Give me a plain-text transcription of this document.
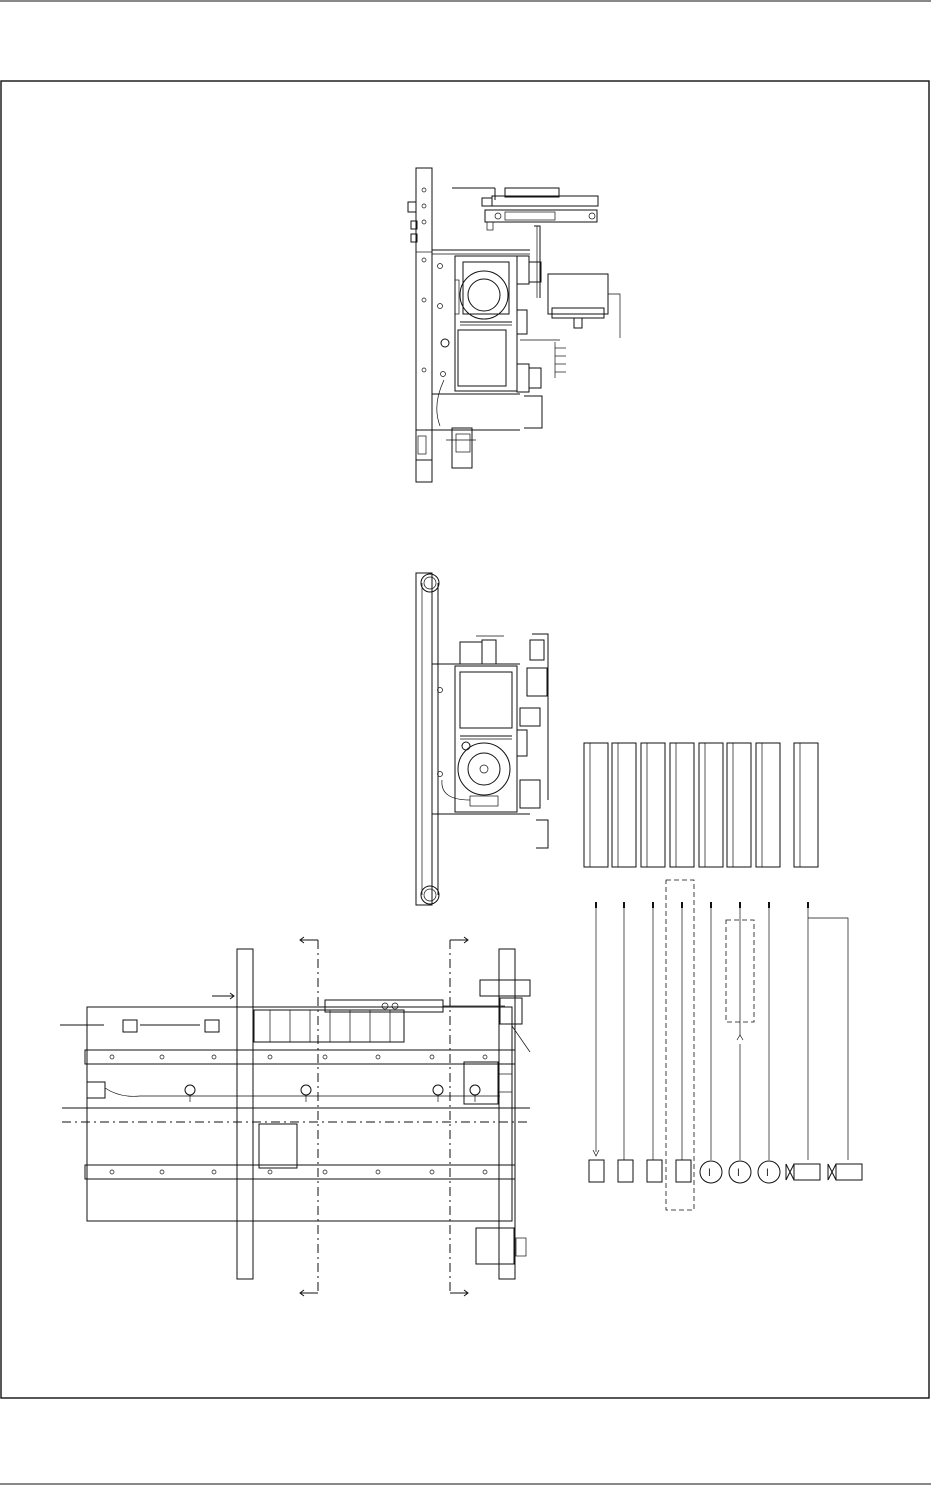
l	l	l
